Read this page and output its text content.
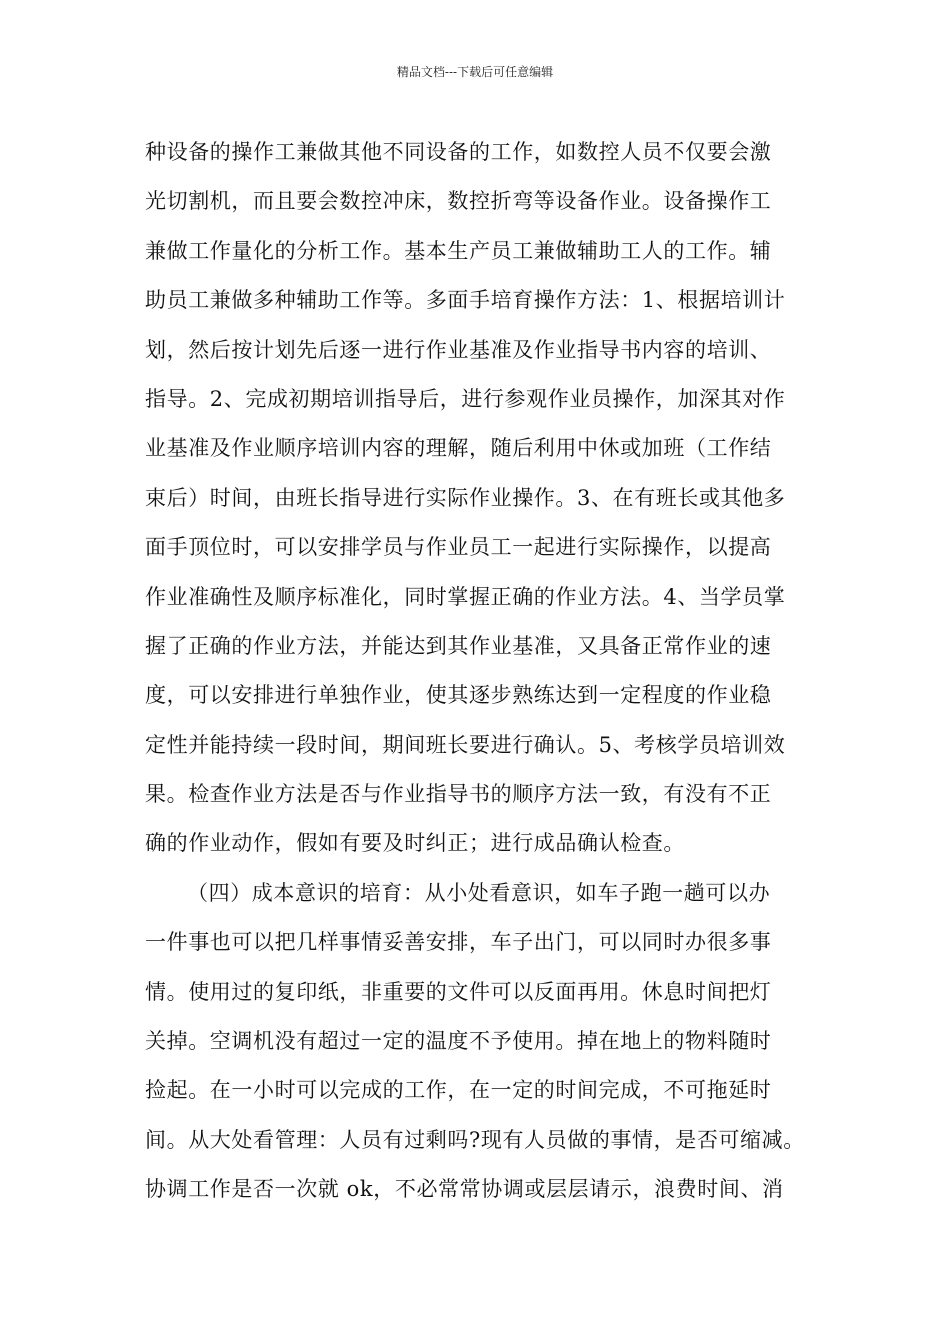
精品文档---下载后可任意编辑
种设备的操作工兼做其他不同设备的工作，如数控人员不仅要会激
光切割机，而且要会数控冲床，数控折弯等设备作业。设备操作工
兼做工作量化的分析工作。基本生产员工兼做辅助工人的工作。辅
助员工兼做多种辅助工作等。多面手培育操作方法：1、根据培训计
划，然后按计划先后逐一进行作业基准及作业指导书内容的培训、
指导。2、完成初期培训指导后，进行参观作业员操作，加深其对作
业基准及作业顺序培训内容的理解，随后利用中休或加班（工作结
束后）时间，由班长指导进行实际作业操作。3、在有班长或其他多
面手顶位时，可以安排学员与作业员工一起进行实际操作，以提高
作业准确性及顺序标准化，同时掌握正确的作业方法。4、当学员掌
握了正确的作业方法，并能达到其作业基准，又具备正常作业的速
度，可以安排进行单独作业，使其逐步熟练达到一定程度的作业稳
定性并能持续一段时间，期间班长要进行确认。5、考核学员培训效
果。检查作业方法是否与作业指导书的顺序方法一致，有没有不正
确的作业动作，假如有要及时纠正；进行成品确认检查。
（四）成本意识的培育：从小处看意识，如车子跑一趟可以办
一件事也可以把几样事情妥善安排，车子出门，可以同时办很多事
情。使用过的复印纸，非重要的文件可以反面再用。休息时间把灯
关掉。空调机没有超过一定的温度不予使用。掉在地上的物料随时
捡起。在一小时可以完成的工作，在一定的时间完成，不可拖延时
间。从大处看管理：人员有过剩吗?现有人员做的事情，是否可缩减。
协调工作是否一次就 ok，不必常常协调或层层请示，浪费时间、消
